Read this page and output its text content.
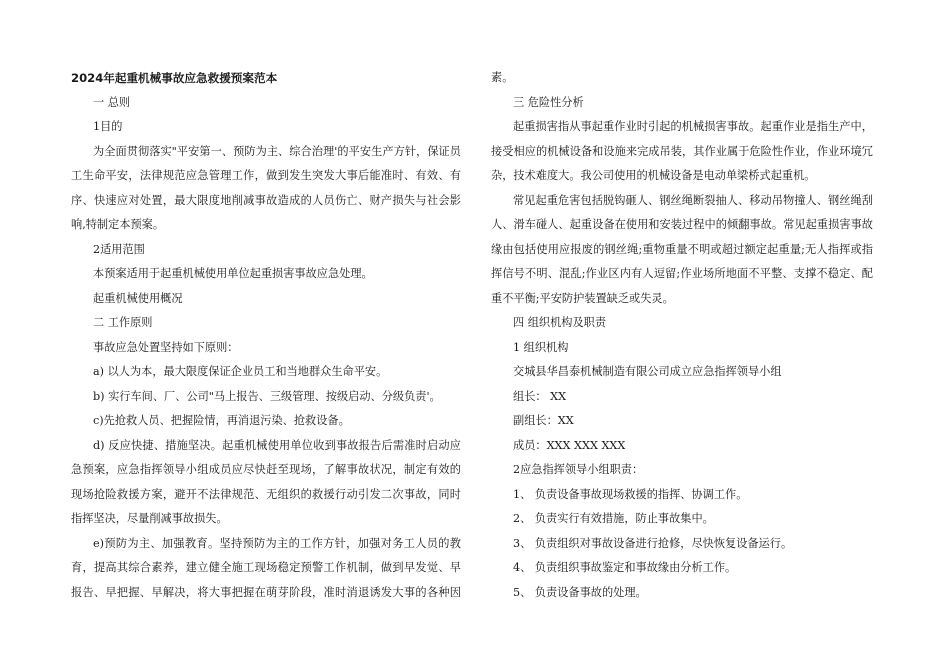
2024年起重机械事故应急救援预案范本

一 总则

1目的

为全面贯彻落实"平安第一、预防为主、综合治理'的平安生产方针，保证员工生命平安，法律规范应急管理工作，做到发生突发大事后能准时、有效、有序、快速应对处置，最大限度地削减事故造成的人员伤亡、财产损失与社会影响,特制定本预案。

2适用范围

本预案适用于起重机械使用单位起重损害事故应急处理。

起重机械使用概况

二 工作原则

事故应急处置坚持如下原则：

a) 以人为本，最大限度保证企业员工和当地群众生命平安。

b) 实行车间、厂、公司"马上报告、三级管理、按级启动、分级负责'。

c)先抢救人员、把握险情，再消退污染、抢救设备。

d) 反应快捷、措施坚决。起重机械使用单位收到事故报告后需准时启动应急预案，应急指挥领导小组成员应尽快赶至现场，了解事故状况，制定有效的现场抢险救援方案，避开不法律规范、无组织的救援行动引发二次事故，同时指挥坚决，尽量削减事故损失。

e)预防为主、加强教育。坚持预防为主的工作方针，加强对务工人员的教育，提高其综合素养，建立健全施工现场稳定预警工作机制，做到早发觉、早报告、早把握、早解决，将大事把握在萌芽阶段，准时消退诱发大事的各种因

素。

三 危险性分析

起重损害指从事起重作业时引起的机械损害事故。起重作业是指生产中，接受相应的机械设备和设施来完成吊装，其作业属于危险性作业，作业环境冗杂，技术难度大。我公司使用的机械设备是电动单梁桥式起重机。

常见起重危害包括脱钩砸人、钢丝绳断裂抽人、移动吊物撞人、钢丝绳刮人、滑车碰人、起重设备在使用和安装过程中的倾翻事故。常见起重损害事故缘由包括使用应报废的钢丝绳;重物重量不明或超过额定起重量;无人指挥或指挥信号不明、混乱;作业区内有人逗留;作业场所地面不平整、支撑不稳定、配重不平衡;平安防护装置缺乏或失灵。

四 组织机构及职责

1 组织机构

交城县华昌泰机械制造有限公司成立应急指挥领导小组

组长： XX

副组长：XX

成员：XXX XXX XXX

2应急指挥领导小组职责：

1、 负责设备事故现场救援的指挥、协调工作。

2、 负责实行有效措施，防止事故集中。

3、 负责组织对事故设备进行抢修，尽快恢复设备运行。

4、 负责组织事故鉴定和事故缘由分析工作。

5、 负责设备事故的处理。
